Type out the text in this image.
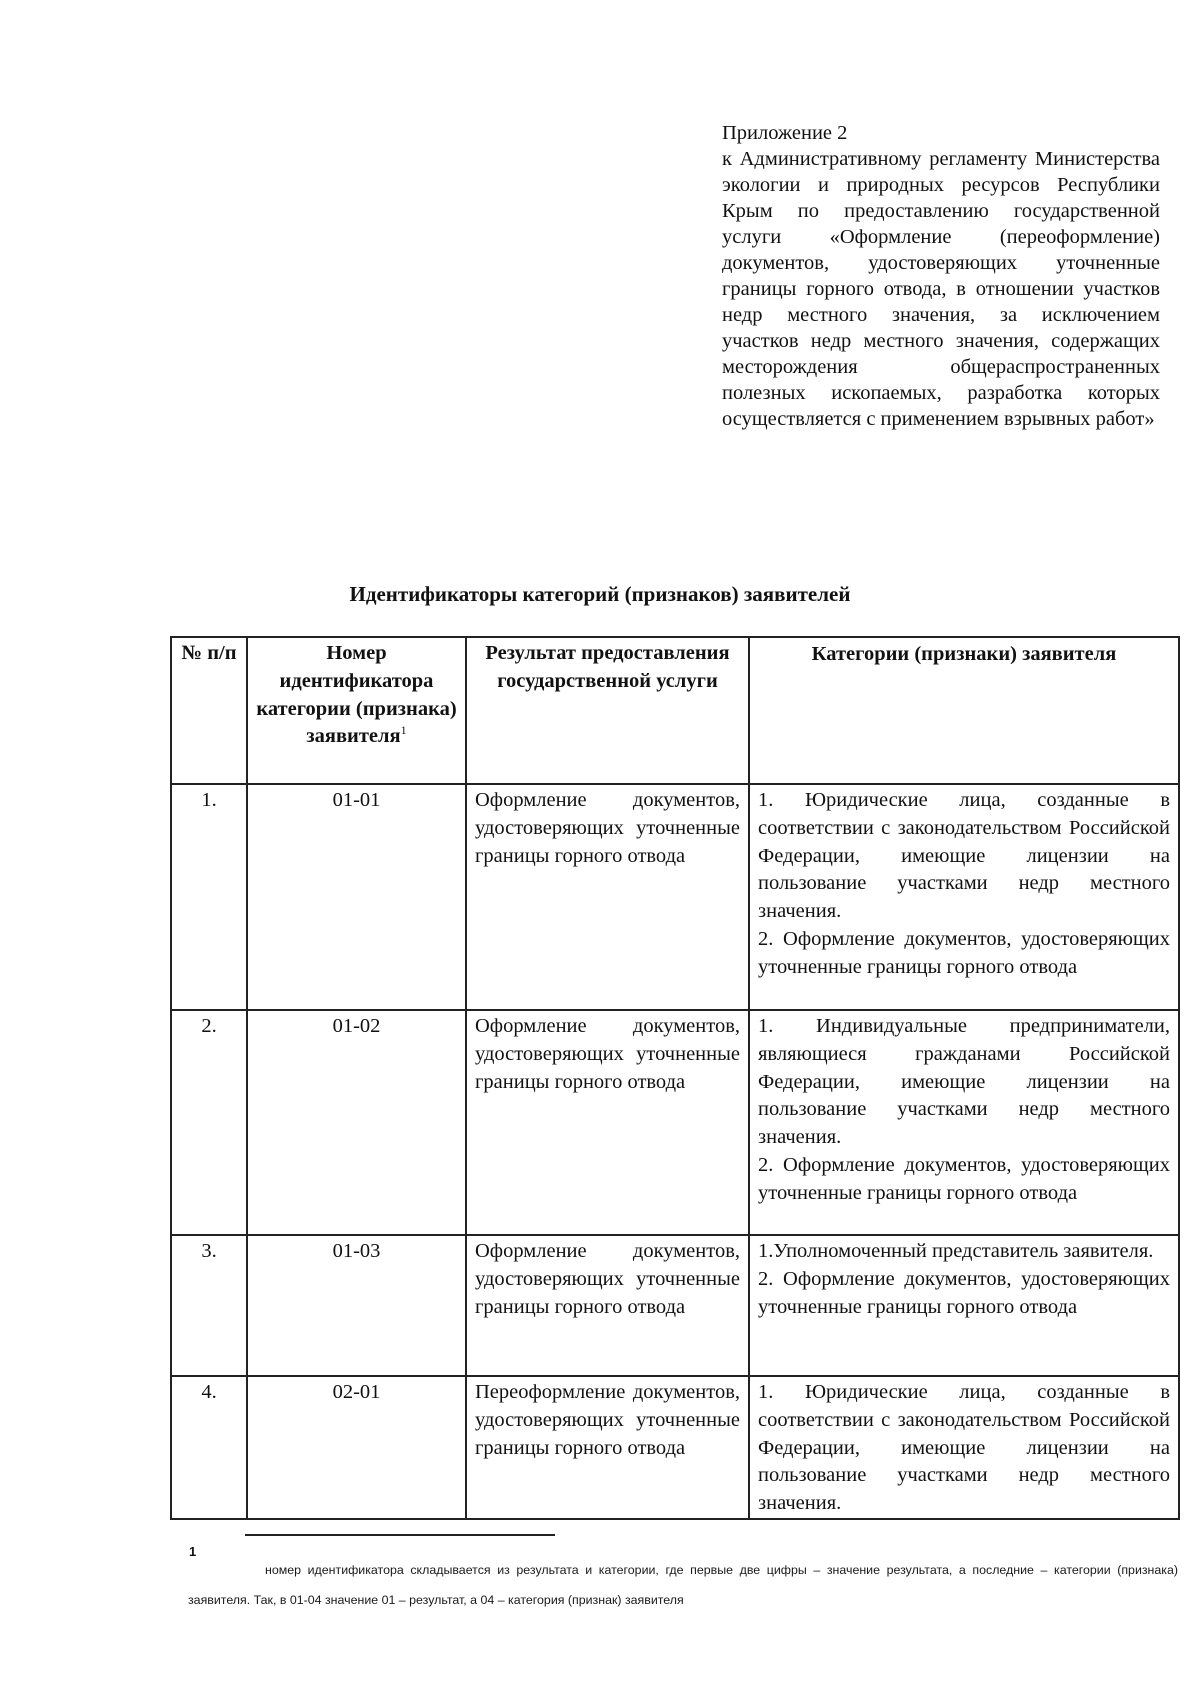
Приложение 2
к Административному регламенту Министерства экологии и природных ресурсов Республики Крым по предоставлению государственной услуги «Оформление (переоформление) документов, удостоверяющих уточненные границы горного отвода, в отношении участков недр местного значения, за исключением участков недр местного значения, содержащих месторождения общераспространенных полезных ископаемых, разработка которых осуществляется с применением взрывных работ»
Идентификаторы категорий (признаков) заявителей
№ п/п	Номер идентификатора категории (признака) заявителя$^1$	Результат предоставления государственной услуги	Категории (признаки) заявителя
1.	01-01	Оформление документов, удостоверяющих уточненные границы горного отвода	1. Юридические лица, созданные в соответствии с законодательством Российской Федерации, имеющие лицензии на пользование участками недр местного значения.
2. Оформление документов, удостоверяющих уточненные границы горного отвода

2.	01-02	Оформление документов, удостоверяющих уточненные границы горного отвода	1. Индивидуальные предприниматели, являющиеся гражданами Российской Федерации, имеющие лицензии на пользование участками недр местного значения.
2. Оформление документов, удостоверяющих уточненные границы горного отвода

3.	01-03	Оформление документов, удостоверяющих уточненные границы горного отвода	1.Уполномоченный представитель заявителя.
2. Оформление документов, удостоверяющих уточненные границы горного отвода

4.	02-01	Переоформление документов, удостоверяющих уточненные границы горного отвода	1. Юридические лица, созданные в соответствии с законодательством Российской Федерации, имеющие лицензии на пользование участками недр местного значения.
1
номер идентификатора складывается из результата и категории, где первые две цифры – значение результата, а последние – категории (признака) заявителя. Так, в 01-04 значение 01 – результат, а 04 – категория (признак) заявителя
